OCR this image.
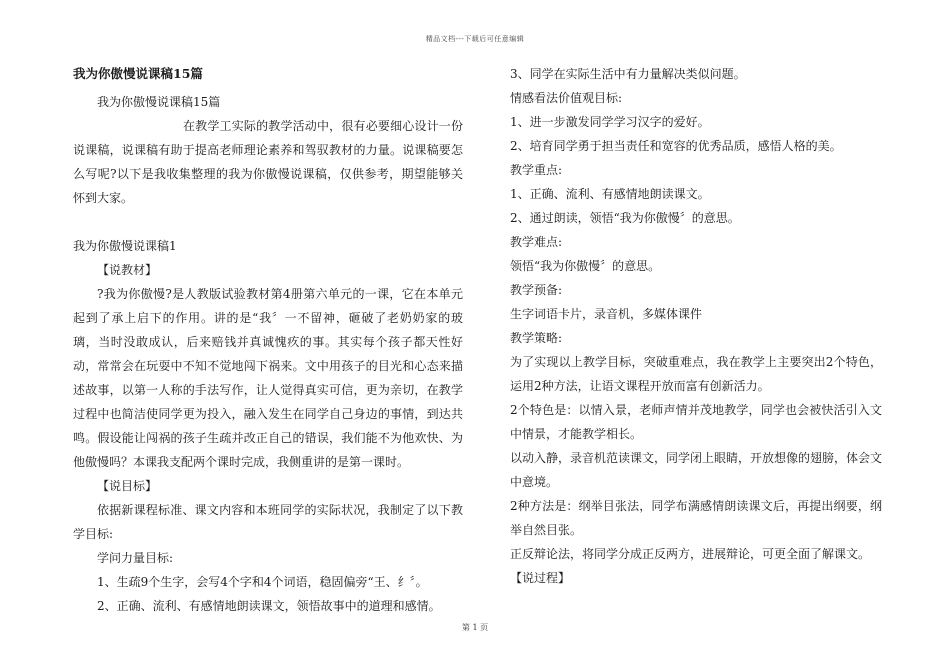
精品文档---下载后可任意编辑

我为你傲慢说课稿15篇

我为你傲慢说课稿15篇

在教学工实际的教学活动中，很有必要细心设计一份说课稿，说课稿有助于提高老师理论素养和驾驭教材的力量。说课稿要怎么写呢?以下是我收集整理的我为你傲慢说课稿，仅供参考，期望能够关怀到大家。

我为你傲慢说课稿1

【说教材】

?我为你傲慢?是人教版试验教材第4册第六单元的一课，它在本单元起到了承上启下的作用。讲的是“我〞一不留神，砸破了老奶奶家的玻璃，当时没敢成认，后来赔钱并真诚愧疚的事。其实每个孩子都天性好动，常常会在玩耍中不知不觉地闯下祸来。文中用孩子的目光和心态来描述故事，以第一人称的手法写作，让人觉得真实可信，更为亲切，在教学过程中也简洁使同学更为投入，融入发生在同学自己身边的事情，到达共鸣。假设能让闯祸的孩子生疏并改正自己的错误，我们能不为他欢快、为他傲慢吗？本课我支配两个课时完成，我侧重讲的是第一课时。

【说目标】

依据新课程标准、课文内容和本班同学的实际状况，我制定了以下教学目标:

学问力量目标:

1、生疏9个生字，会写4个字和4个词语，稳固偏旁“王、纟〞。

2、正确、流利、有感情地朗读课文，领悟故事中的道理和感情。

3、同学在实际生活中有力量解决类似问题。

情感看法价值观目标:

1、进一步激发同学学习汉字的爱好。

2、培育同学勇于担当责任和宽容的优秀品质，感悟人格的美。

教学重点:

1、正确、流利、有感情地朗读课文。

2、通过朗读，领悟“我为你傲慢〞的意思。

教学难点:

领悟“我为你傲慢〞的意思。

教学预备:

生字词语卡片，录音机，多媒体课件

教学策略:

为了实现以上教学目标，突破重难点，我在教学上主要突出2个特色，运用2种方法，让语文课程开放而富有创新活力。

2个特色是：以情入景，老师声情并茂地教学，同学也会被快活引入文中情景，才能教学相长。

以动入静，录音机范读课文，同学闭上眼睛，开放想像的翅膀，体会文中意境。

2种方法是：纲举目张法，同学布满感情朗读课文后，再提出纲要，纲举自然目张。

正反辩论法，将同学分成正反两方，进展辩论，可更全面了解课文。

【说过程】

第 1 页
